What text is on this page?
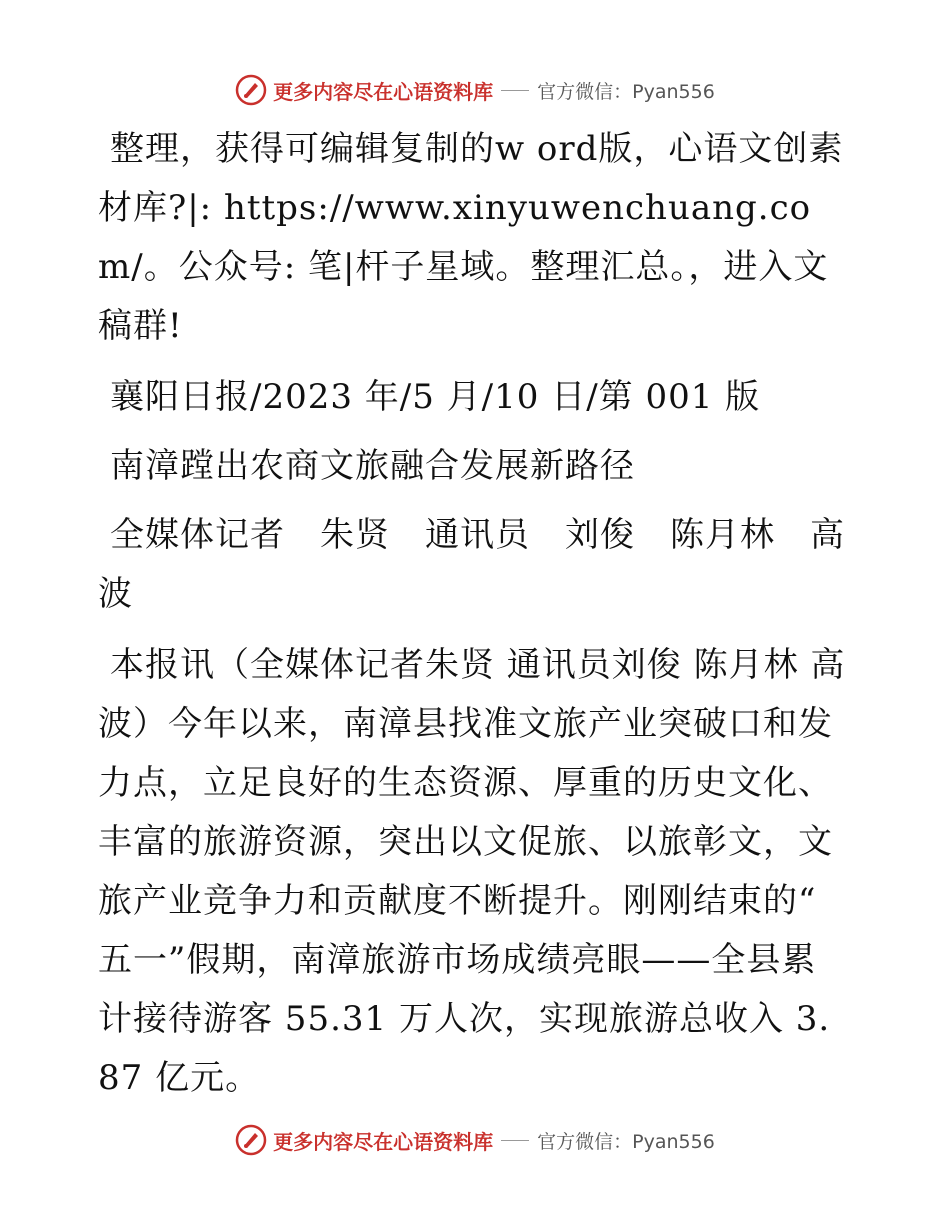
更多内容尽在心语资料库 官方微信：Pyan556

整理，获得可编辑复制的w ord版，心语文创素材库?|: https://www.xinyuwenchuang.com/。公众号: 笔|杆子星域。整理汇总。，进入文稿群!

襄阳日报/2023 年/5 月/10 日/第 001 版

南漳蹚出农商文旅融合发展新路径

全媒体记者　朱贤　通讯员　刘俊　陈月林　高波

本报讯（全媒体记者朱贤 通讯员刘俊 陈月林 高波）今年以来，南漳县找准文旅产业突破口和发力点，立足良好的生态资源、厚重的历史文化、丰富的旅游资源，突出以文促旅、以旅彰文，文旅产业竞争力和贡献度不断提升。刚刚结束的“ 五一”假期，南漳旅游市场成绩亮眼——全县累计接待游客 55.31 万人次，实现旅游总收入 3.87 亿元。

更多内容尽在心语资料库 官方微信：Pyan556
